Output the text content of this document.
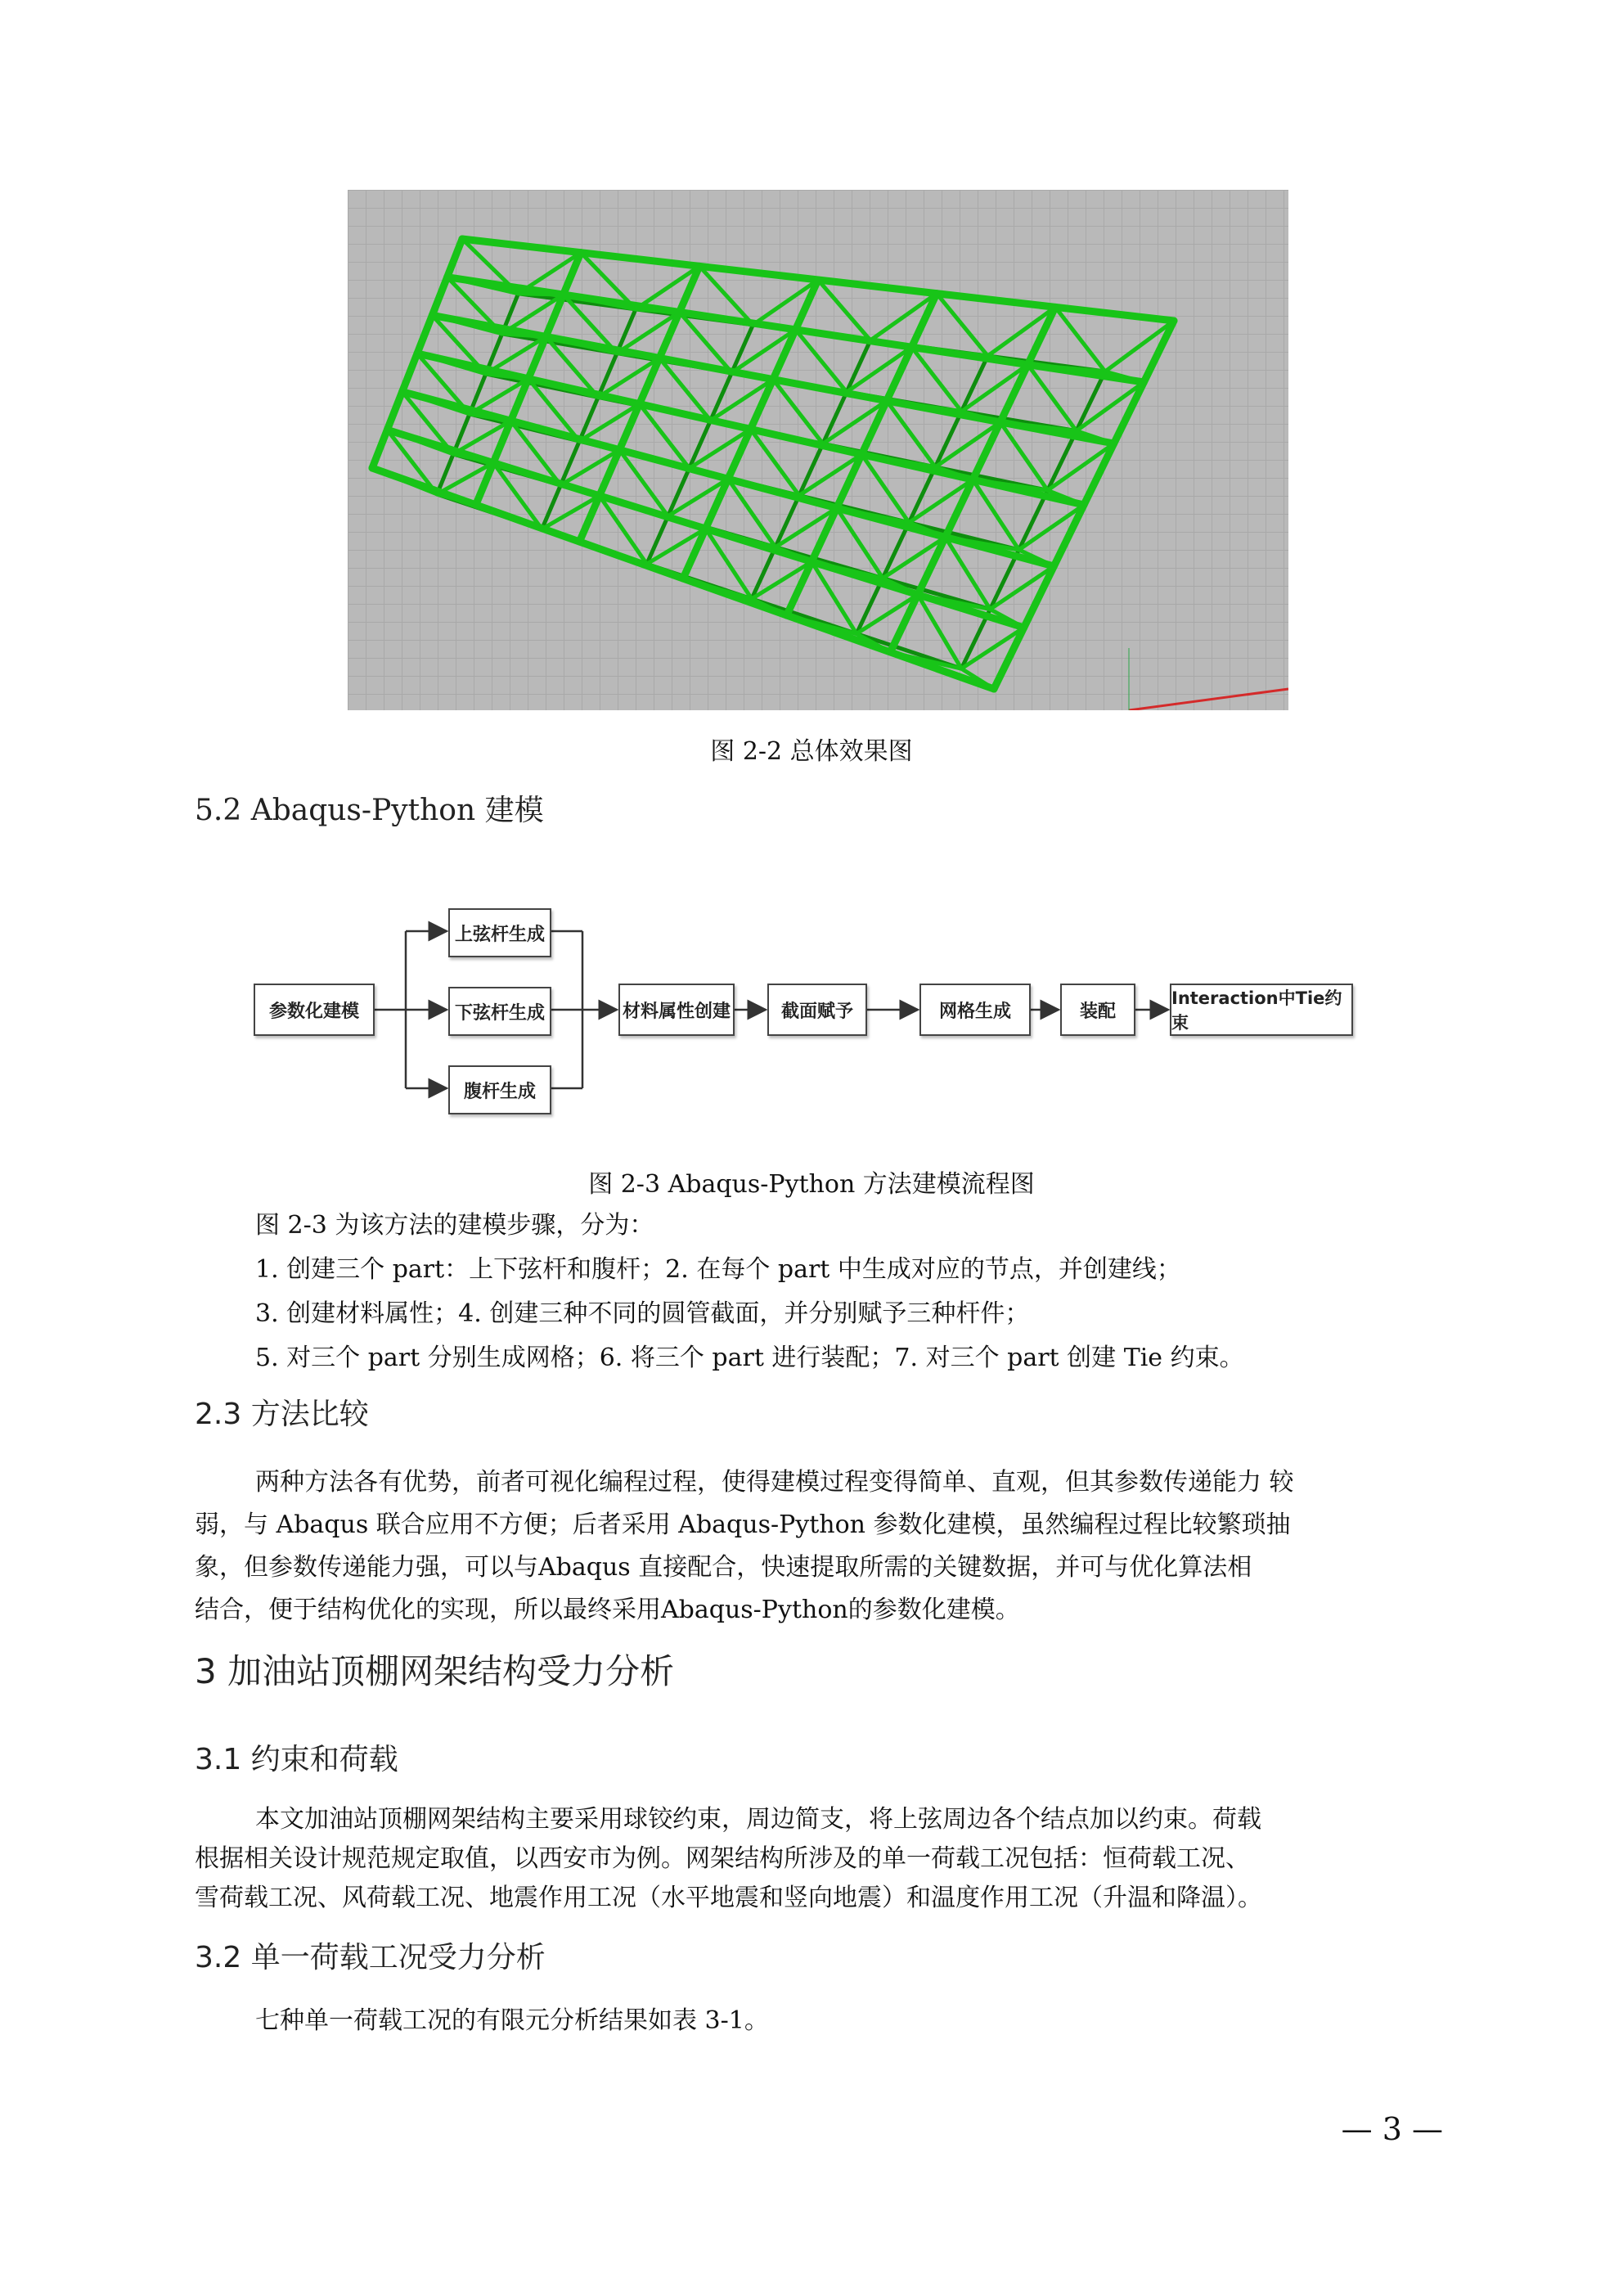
图 2-2 总体效果图
5.2 Abaqus-Python 建模
参数化建模
上弦杆生成
下弦杆生成
腹杆生成
材料属性创建	截面赋予	网格生成	装配
Interaction中Tie约束
图 2-3 Abaqus-Python 方法建模流程图
图 2-3 为该方法的建模步骤，分为：
1. 创建三个 part：上下弦杆和腹杆；2. 在每个 part 中生成对应的节点，并创建线；
3. 创建材料属性；4. 创建三种不同的圆管截面，并分别赋予三种杆件；
5. 对三个 part 分别生成网格；6. 将三个 part 进行装配；7. 对三个 part 创建 Tie 约束。
2.3 方法比较
两种方法各有优势，前者可视化编程过程，使得建模过程变得简单、直观，但其参数传递能力 较
弱，与 Abaqus 联合应用不方便；后者采用 Abaqus-Python 参数化建模，虽然编程过程比较繁琐抽
象，但参数传递能力强，可以与Abaqus 直接配合，快速提取所需的关键数据，并可与优化算法相
结合，便于结构优化的实现，所以最终采用Abaqus-Python的参数化建模。
3 加油站顶棚网架结构受力分析
3.1 约束和荷载
本文加油站顶棚网架结构主要采用球铰约束，周边简支，将上弦周边各个结点加以约束。荷载
根据相关设计规范规定取值，以西安市为例。网架结构所涉及的单一荷载工况包括：恒荷载工况、
雪荷载工况、风荷载工况、地震作用工况（水平地震和竖向地震）和温度作用工况（升温和降温）。
3.2 单一荷载工况受力分析
七种单一荷载工况的有限元分析结果如表 3-1。
— 3 —
